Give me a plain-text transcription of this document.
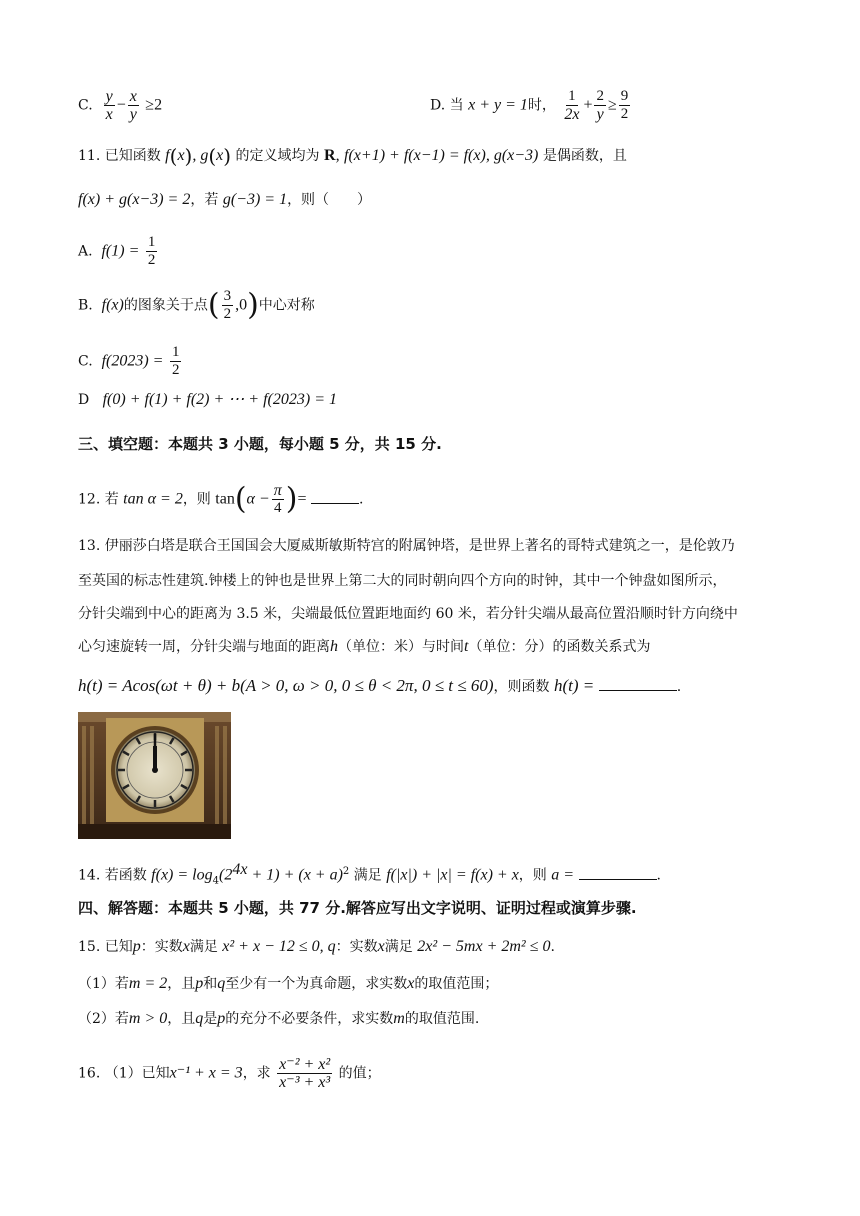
C. $\frac{y}{x} - \frac{x}{y} \ge 2$	D. 当 x + y = 1时， $\frac{1}{2x} + \frac{2}{y} \ge \frac{9}{2}$
11. 已知函数 f(x), g(x) 的定义域均为 R, f(x+1) + f(x−1) = f(x), g(x−3) 是偶函数，且
f(x) + g(x−3) = 2，若 g(−3) = 1，则（　　）
A. $f(1) = \frac{1}{2}$
B. f(x)的图象关于点( $\frac{3}{2} ,0$)中心对称
C. $f(2023) = \frac{1}{2}$
D f(0) + f(1) + f(2) + ⋯ + f(2023) = 1
三、填空题：本题共 3 小题，每小题 5 分，共 15 分.
12. 若 tan α = 2，则 $\tan(\alpha - \frac{\pi}{4}$ )=	.
13. 伊丽莎白塔是联合王国国会大厦威斯敏斯特宫的附属钟塔，是世界上著名的哥特式建筑之一，是伦敦乃
至英国的标志性建筑.钟楼上的钟也是世界上第二大的同时朝向四个方向的时钟，其中一个钟盘如图所示，
分针尖端到中心的距离为 3.5 米，尖端最低位置距地面约 60 米，若分针尖端从最高位置沿顺时针方向绕中
心匀速旋转一周，分针尖端与地面的距离h（单位：米）与时间t（单位：分）的函数关系式为
h(t) = Acos(ωt + θ) + b(A > 0, ω > 0, 0 ≤ θ < 2π, 0 ≤ t ≤ 60)，则函数 h(t) =	.
14. 若函数 $f(x) = \log_4(2^{4x} + 1) + (x + a)^2$ 满足 f(|x|) + |x| = f(x) + x，则 a =	.
四、解答题：本题共 5 小题，共 77 分.解答应写出文字说明、证明过程或演算步骤.
15. 已知p：实数x满足 x² + x − 12 ≤ 0, q：实数x满足 2x² − 5mx + 2m² ≤ 0.
（1）若m = 2，且p和q至少有一个为真命题，求实数x的取值范围；
（2）若m > 0，且q是p的充分不必要条件，求实数m的取值范围.
16. （1）已知x⁻¹ + x = 3，求 $\frac{\text{x⁻² + x²}}{\text{x⁻³ + x³}}$ 的值；
